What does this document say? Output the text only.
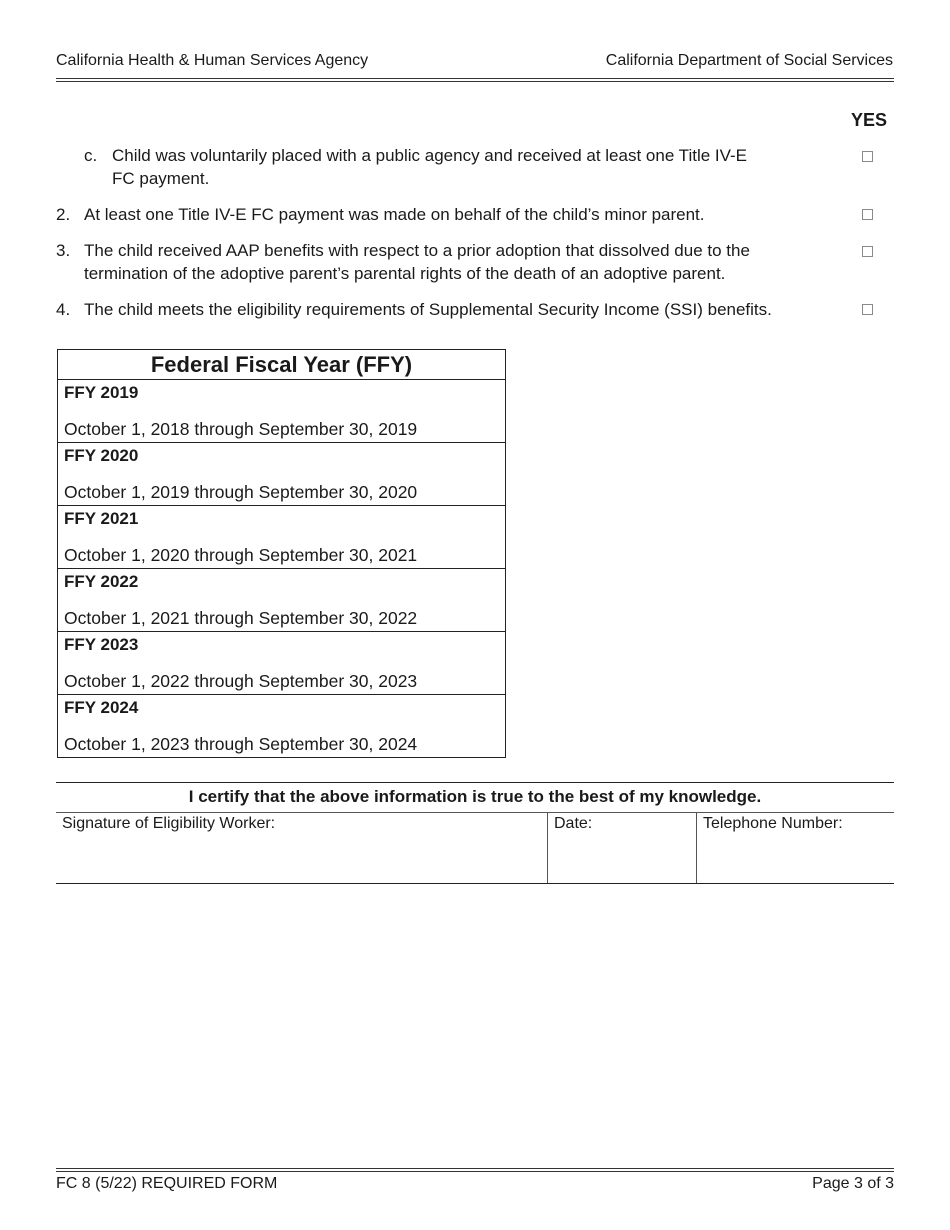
California Health & Human Services Agency	California Department of Social Services
YES
c. Child was voluntarily placed with a public agency and received at least one Title IV-E
FC payment.
2. At least one Title IV-E FC payment was made on behalf of the child’s minor parent.
3. The child received AAP benefits with respect to a prior adoption that dissolved due to the
termination of the adoptive parent’s parental rights of the death of an adoptive parent.
4. The child meets the eligibility requirements of Supplemental Security Income (SSI) benefits.
Federal Fiscal Year (FFY)
FFY 2019
October 1, 2018 through September 30, 2019
FFY 2020
October 1, 2019 through September 30, 2020
FFY 2021
October 1, 2020 through September 30, 2021
FFY 2022
October 1, 2021 through September 30, 2022
FFY 2023
October 1, 2022 through September 30, 2023
FFY 2024
October 1, 2023 through September 30, 2024
I certify that the above information is true to the best of my knowledge.
Signature of Eligibility Worker:	Date:	Telephone Number:
FC 8 (5/22) REQUIRED FORM	Page 3 of 3
